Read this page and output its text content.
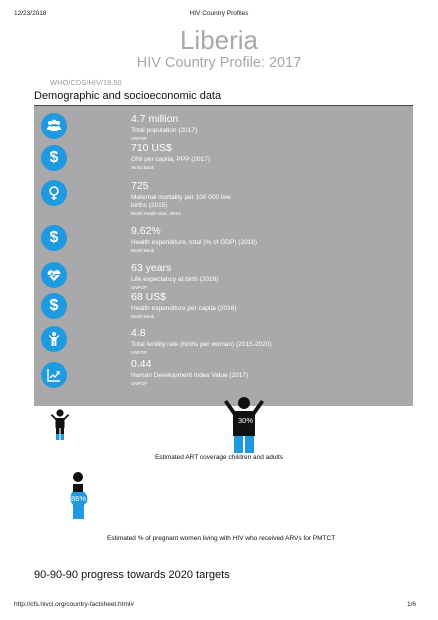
12/23/2018	HIV Country Profiles
Liberia
HIV Country Profile: 2017
WHO/CDS/HIV/18.50
Demographic and socioeconomic data
$
$
$
4.7 million
Total population (2017)
UNPOP
710 US$
GNI per capita, PPP (2017)
World Bank
725
Maternal mortality per 100 000 live births (2015)
World Health Stat., WHO
9.62%
Health expenditure, total (% of GDP) (2016)
World Bank
63 years
Life expectancy at birth (2016)
UNPOP
68 US$
Health expenditure per capita (2016)
World Bank
4.8
Total fertility rate (births per woman) (2015-2020)
UNPOP
0.44
Human Development Index Value (2017)
UNPOP
30%
Estimated ART coverage children and adults
86%
Estimated % of pregnant women living with HIV who received ARVs for PMTCT
90-90-90 progress towards 2020 targets
http://cfs.hivci.org/country-factsheet.html#	1/6
